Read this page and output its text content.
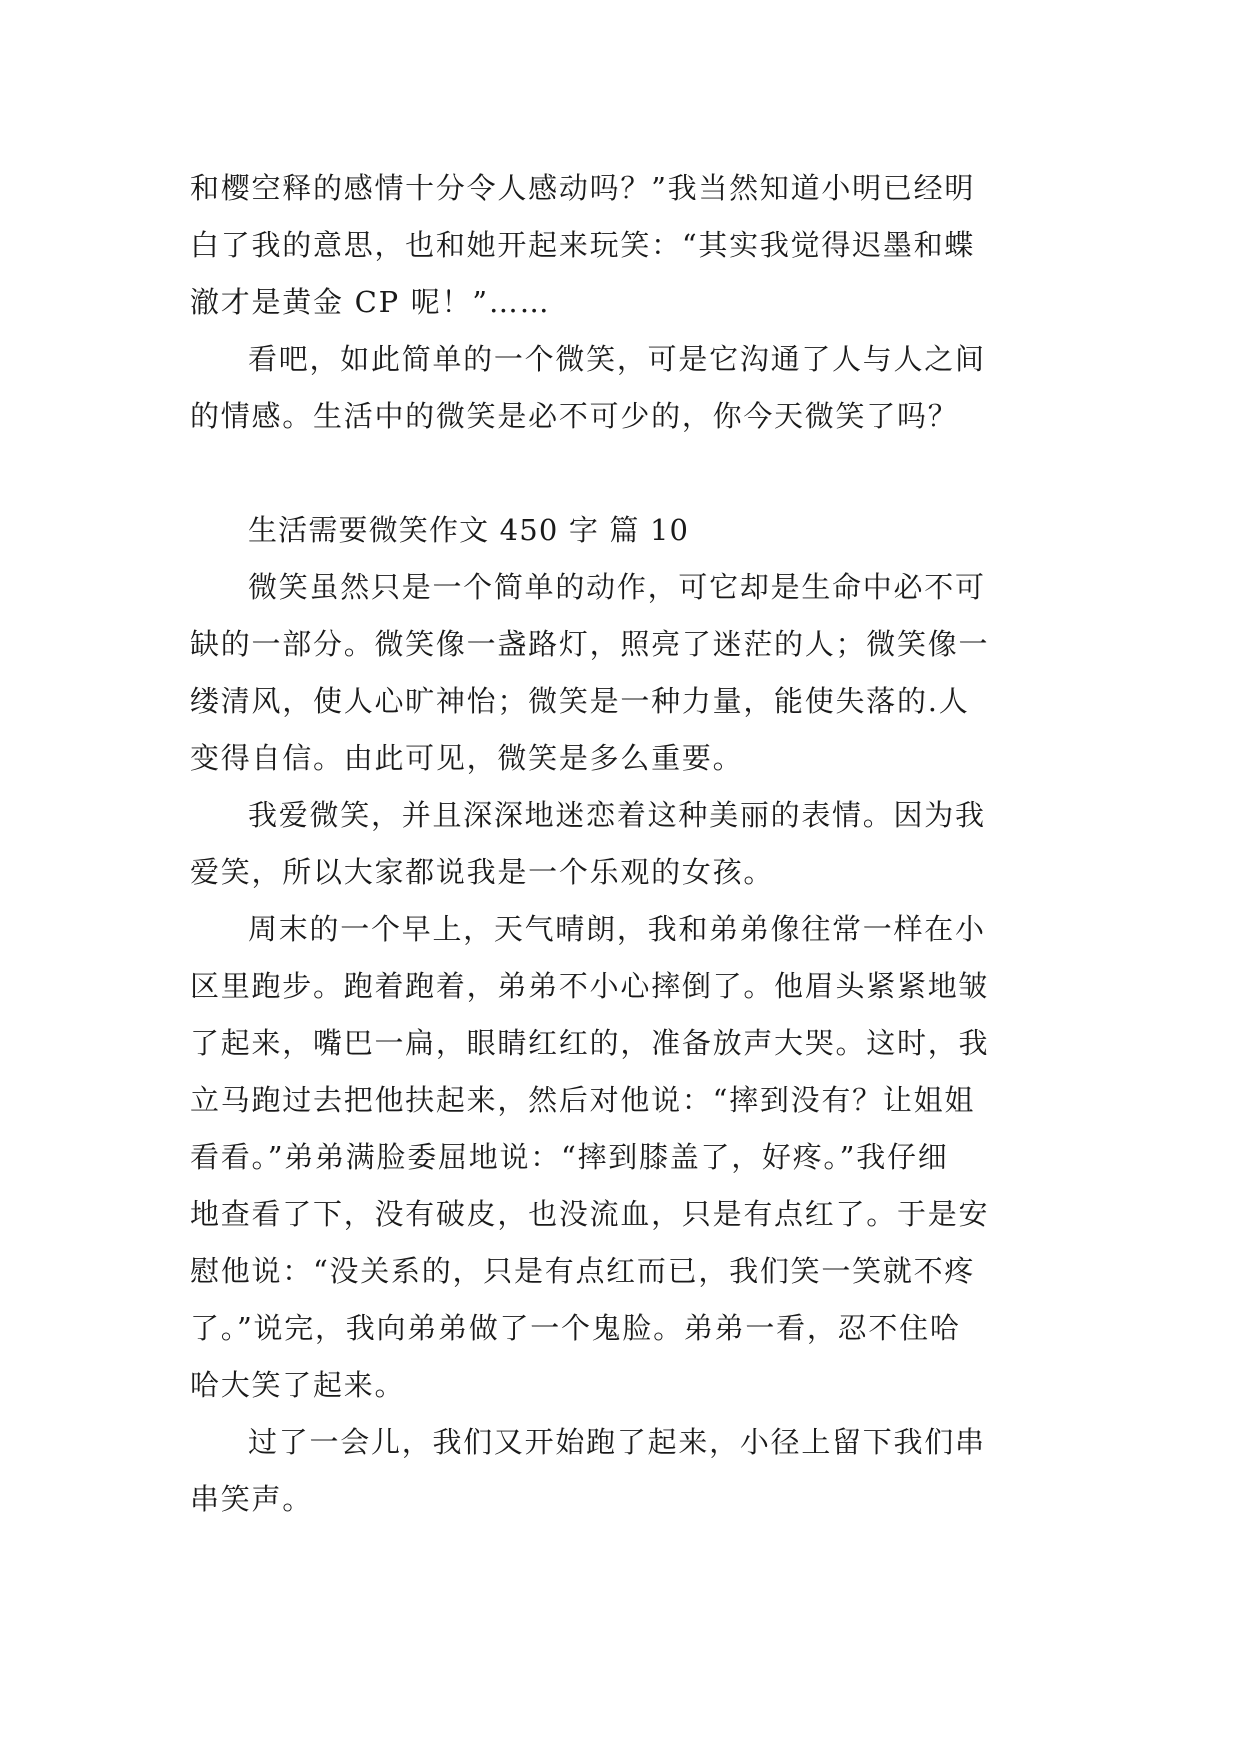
和樱空释的感情十分令人感动吗？”我当然知道小明已经明
白了我的意思，也和她开起来玩笑：“其实我觉得迟墨和蝶
澈才是黄金 CP 呢！”……

看吧，如此简单的一个微笑，可是它沟通了人与人之间
的情感。生活中的微笑是必不可少的，你今天微笑了吗？

生活需要微笑作文 450 字 篇 10

微笑虽然只是一个简单的动作，可它却是生命中必不可
缺的一部分。微笑像一盏路灯，照亮了迷茫的人；微笑像一
缕清风，使人心旷神怡；微笑是一种力量，能使失落的.人
变得自信。由此可见，微笑是多么重要。

我爱微笑，并且深深地迷恋着这种美丽的表情。因为我
爱笑，所以大家都说我是一个乐观的女孩。

周末的一个早上，天气晴朗，我和弟弟像往常一样在小
区里跑步。跑着跑着，弟弟不小心摔倒了。他眉头紧紧地皱
了起来，嘴巴一扁，眼睛红红的，准备放声大哭。这时，我
立马跑过去把他扶起来，然后对他说：“摔到没有？让姐姐
看看。”弟弟满脸委屈地说：“摔到膝盖了，好疼。”我仔细
地查看了下，没有破皮，也没流血，只是有点红了。于是安
慰他说：“没关系的，只是有点红而已，我们笑一笑就不疼
了。”说完，我向弟弟做了一个鬼脸。弟弟一看，忍不住哈
哈大笑了起来。

过了一会儿，我们又开始跑了起来，小径上留下我们串
串笑声。
